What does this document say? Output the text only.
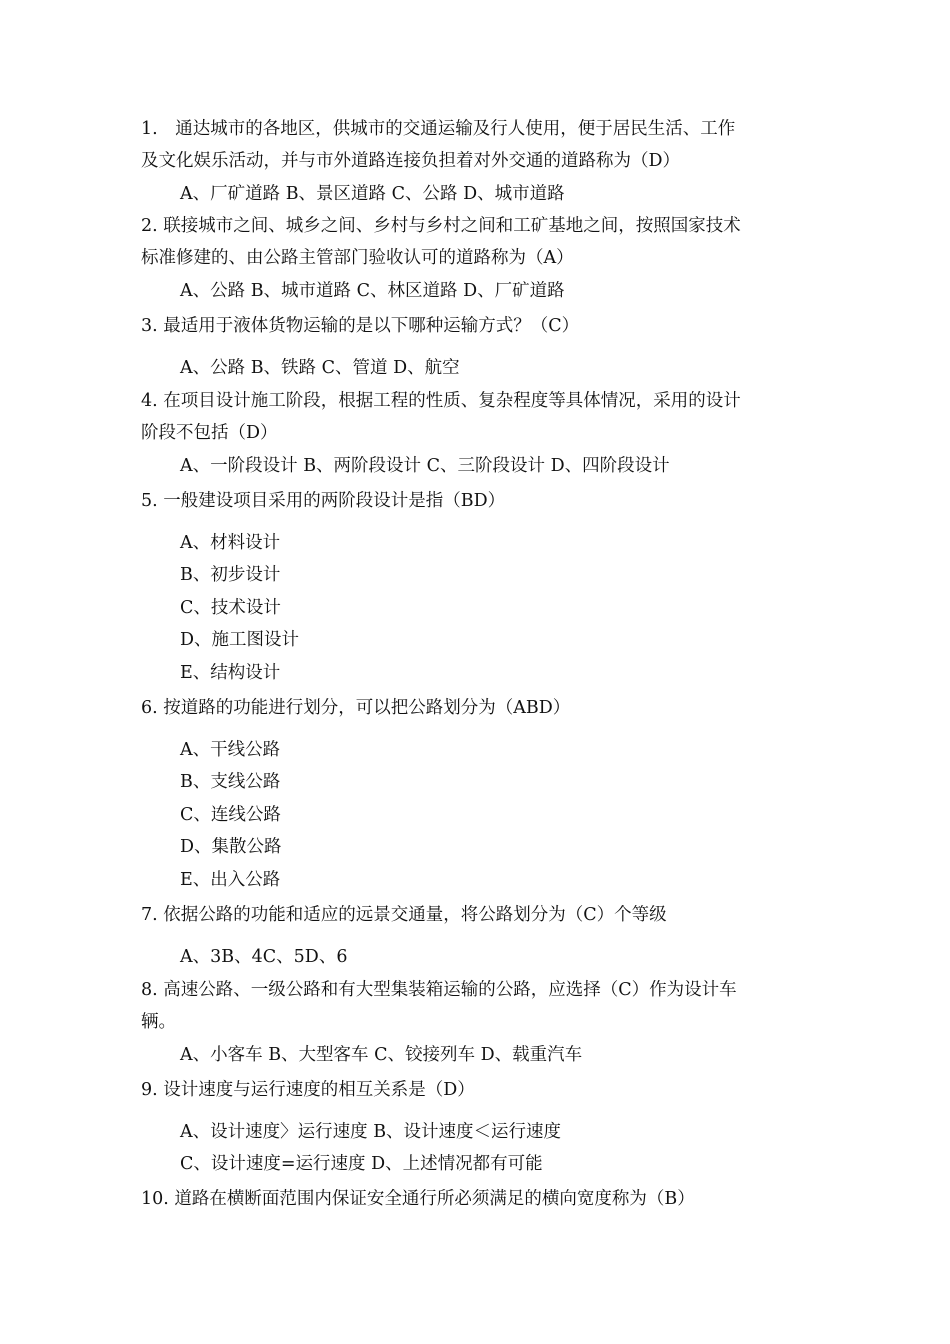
1.　通达城市的各地区，供城市的交通运输及行人使用，便于居民生活、工作
及文化娱乐活动，并与市外道路连接负担着对外交通的道路称为（D）
A、厂矿道路 B、景区道路 C、公路 D、城市道路
2. 联接城市之间、城乡之间、乡村与乡村之间和工矿基地之间，按照国家技术
标准修建的、由公路主管部门验收认可的道路称为（A）
A、公路 B、城市道路 C、林区道路 D、厂矿道路
3. 最适用于液体货物运输的是以下哪种运输方式？（C）
A、公路 B、铁路 C、管道 D、航空
4. 在项目设计施工阶段，根据工程的性质、复杂程度等具体情况，采用的设计
阶段不包括（D）
A、一阶段设计 B、两阶段设计 C、三阶段设计 D、四阶段设计
5. 一般建设项目采用的两阶段设计是指（BD）
A、材料设计
B、初步设计
C、技术设计
D、施工图设计
E、结构设计
6. 按道路的功能进行划分，可以把公路划分为（ABD）
A、干线公路
B、支线公路
C、连线公路
D、集散公路
E、出入公路
7. 依据公路的功能和适应的远景交通量，将公路划分为（C）个等级
A、3B、4C、5D、6
8. 高速公路、一级公路和有大型集装箱运输的公路，应选择（C）作为设计车
辆。
A、小客车 B、大型客车 C、铰接列车 D、载重汽车
9. 设计速度与运行速度的相互关系是（D）
A、设计速度〉运行速度 B、设计速度＜运行速度
C、设计速度=运行速度 D、上述情况都有可能
10. 道路在横断面范围内保证安全通行所必须满足的横向宽度称为（B）
